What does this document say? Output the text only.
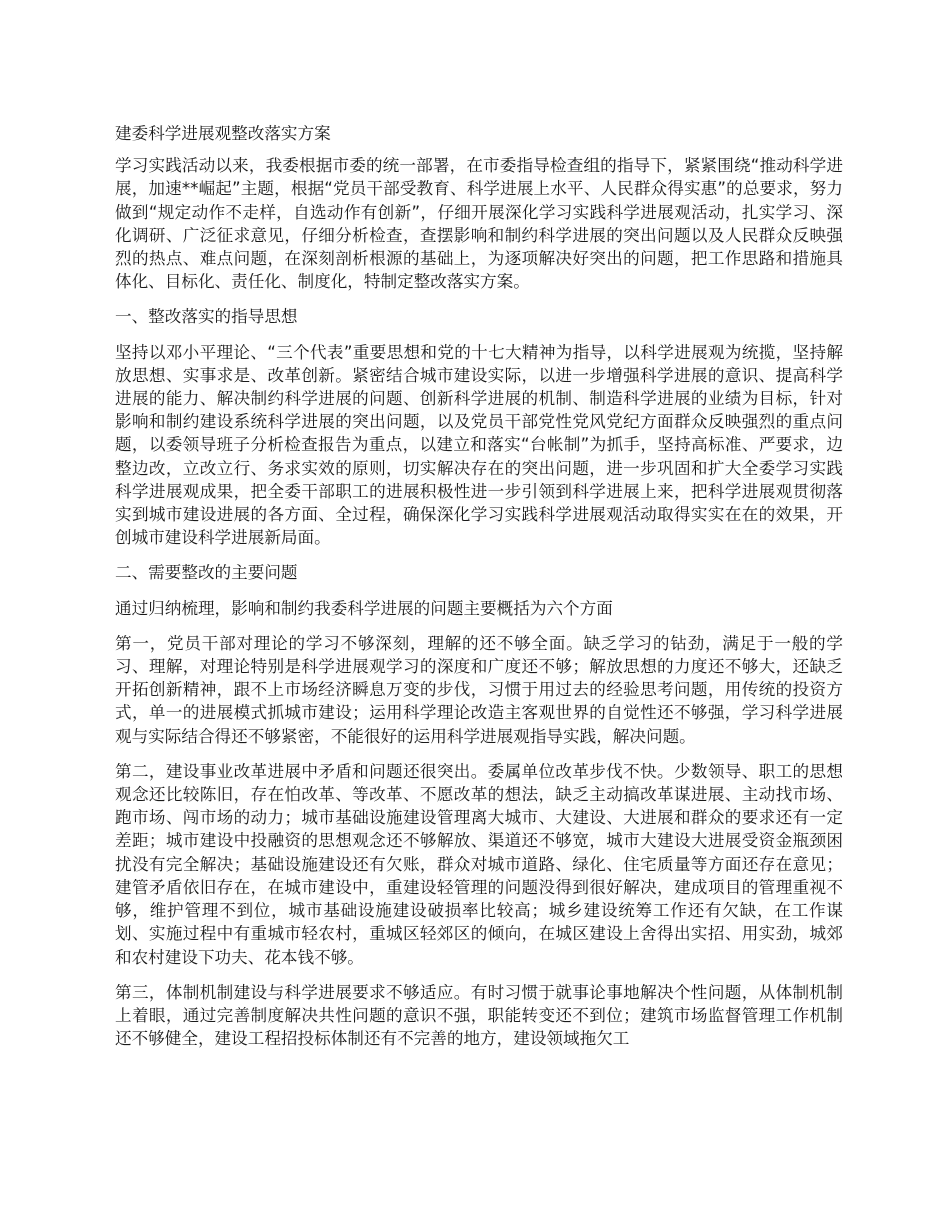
建委科学进展观整改落实方案
学习实践活动以来，我委根据市委的统一部署，在市委指导检查组的指导下，紧紧围绕“推动科学进展，加速**崛起”主题，根据“党员干部受教育、科学进展上水平、人民群众得实惠”的总要求，努力做到“规定动作不走样，自选动作有创新”，仔细开展深化学习实践科学进展观活动，扎实学习、深化调研、广泛征求意见，仔细分析检查，查摆影响和制约科学进展的突出问题以及人民群众反映强烈的热点、难点问题，在深刻剖析根源的基础上，为逐项解决好突出的问题，把工作思路和措施具体化、目标化、责任化、制度化，特制定整改落实方案。
一、整改落实的指导思想
坚持以邓小平理论、“三个代表”重要思想和党的十七大精神为指导，以科学进展观为统揽，坚持解放思想、实事求是、改革创新。紧密结合城市建设实际，以进一步增强科学进展的意识、提高科学进展的能力、解决制约科学进展的问题、创新科学进展的机制、制造科学进展的业绩为目标，针对影响和制约建设系统科学进展的突出问题，以及党员干部党性党风党纪方面群众反映强烈的重点问题，以委领导班子分析检查报告为重点，以建立和落实“台帐制”为抓手，坚持高标准、严要求，边整边改，立改立行、务求实效的原则，切实解决存在的突出问题，进一步巩固和扩大全委学习实践科学进展观成果，把全委干部职工的进展积极性进一步引领到科学进展上来，把科学进展观贯彻落实到城市建设进展的各方面、全过程，确保深化学习实践科学进展观活动取得实实在在的效果，开创城市建设科学进展新局面。
二、需要整改的主要问题
通过归纳梳理，影响和制约我委科学进展的问题主要概括为六个方面
第一，党员干部对理论的学习不够深刻，理解的还不够全面。缺乏学习的钻劲，满足于一般的学习、理解，对理论特别是科学进展观学习的深度和广度还不够；解放思想的力度还不够大，还缺乏开拓创新精神，跟不上市场经济瞬息万变的步伐，习惯于用过去的经验思考问题，用传统的投资方式，单一的进展模式抓城市建设；运用科学理论改造主客观世界的自觉性还不够强，学习科学进展观与实际结合得还不够紧密，不能很好的运用科学进展观指导实践，解决问题。
第二，建设事业改革进展中矛盾和问题还很突出。委属单位改革步伐不快。少数领导、职工的思想观念还比较陈旧，存在怕改革、等改革、不愿改革的想法，缺乏主动搞改革谋进展、主动找市场、跑市场、闯市场的动力；城市基础设施建设管理离大城市、大建设、大进展和群众的要求还有一定差距；城市建设中投融资的思想观念还不够解放、渠道还不够宽，城市大建设大进展受资金瓶颈困扰没有完全解决；基础设施建设还有欠账，群众对城市道路、绿化、住宅质量等方面还存在意见；建管矛盾依旧存在，在城市建设中，重建设轻管理的问题没得到很好解决，建成项目的管理重视不够，维护管理不到位，城市基础设施建设破损率比较高；城乡建设统筹工作还有欠缺，在工作谋划、实施过程中有重城市轻农村，重城区轻郊区的倾向，在城区建设上舍得出实招、用实劲，城郊和农村建设下功夫、花本钱不够。
第三，体制机制建设与科学进展要求不够适应。有时习惯于就事论事地解决个性问题，从体制机制上着眼，通过完善制度解决共性问题的意识不强，职能转变还不到位；建筑市场监督管理工作机制还不够健全，建设工程招投标体制还有不完善的地方，建设领域拖欠工
